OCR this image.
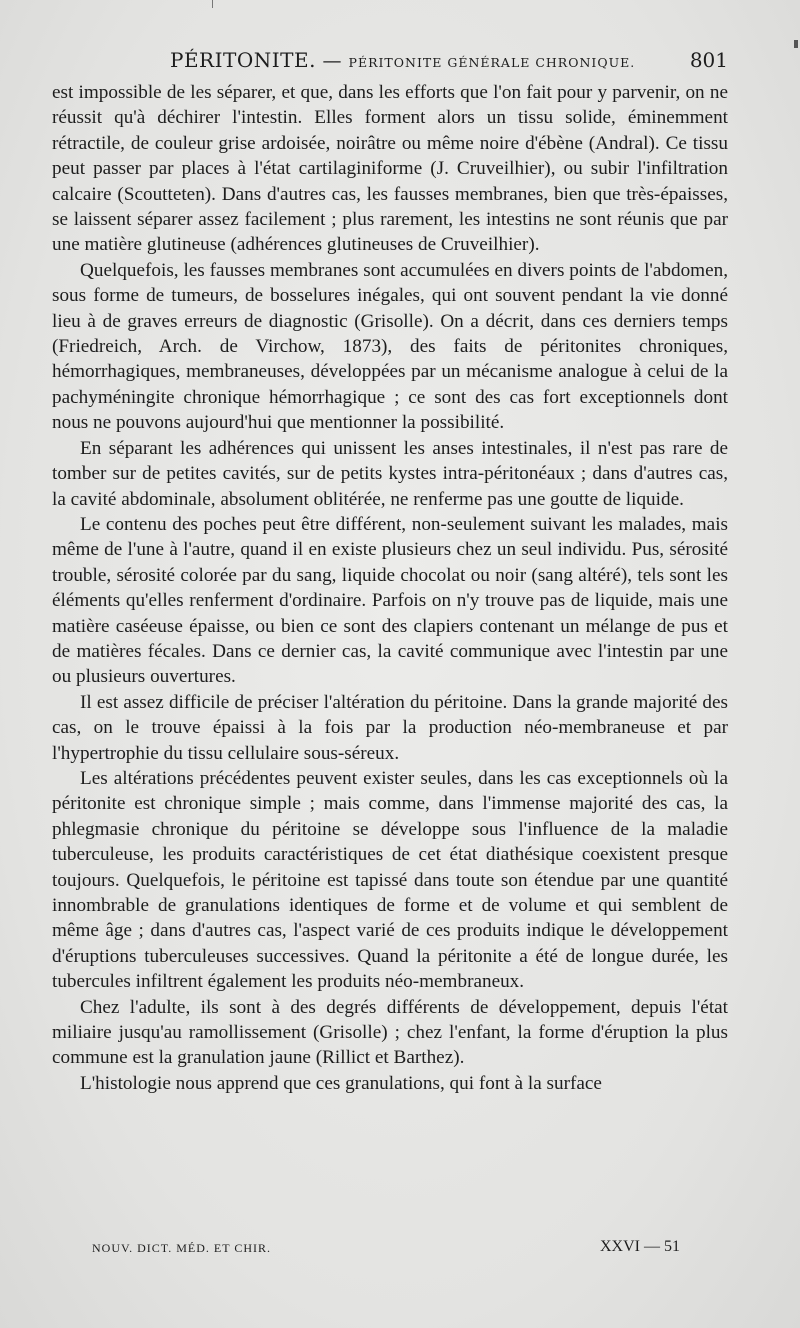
PÉRITONITE. — PÉRITONITE GÉNÉRALE CHRONIQUE.	801

est impossible de les séparer, et que, dans les efforts que l'on fait pour y parvenir, on ne réussit qu'à déchirer l'intestin. Elles forment alors un tissu solide, éminemment rétractile, de couleur grise ardoisée, noirâtre ou même noire d'ébène (Andral). Ce tissu peut passer par places à l'état cartilaginiforme (J. Cruveilhier), ou subir l'infiltration calcaire (Scoutteten). Dans d'autres cas, les fausses membranes, bien que très-épaisses, se laissent séparer assez facilement ; plus rarement, les intestins ne sont réunis que par une matière glutineuse (adhérences glutineuses de Cruveilhier).

Quelquefois, les fausses membranes sont accumulées en divers points de l'abdomen, sous forme de tumeurs, de bosselures inégales, qui ont souvent pendant la vie donné lieu à de graves erreurs de diagnostic (Grisolle). On a décrit, dans ces derniers temps (Friedreich, Arch. de Virchow, 1873), des faits de péritonites chroniques, hémorrhagiques, membraneuses, développées par un mécanisme analogue à celui de la pachyméningite chronique hémorrhagique ; ce sont des cas fort exceptionnels dont nous ne pouvons aujourd'hui que mentionner la possibilité.

En séparant les adhérences qui unissent les anses intestinales, il n'est pas rare de tomber sur de petites cavités, sur de petits kystes intra-péritonéaux ; dans d'autres cas, la cavité abdominale, absolument oblitérée, ne renferme pas une goutte de liquide.

Le contenu des poches peut être différent, non-seulement suivant les malades, mais même de l'une à l'autre, quand il en existe plusieurs chez un seul individu. Pus, sérosité trouble, sérosité colorée par du sang, liquide chocolat ou noir (sang altéré), tels sont les éléments qu'elles renferment d'ordinaire. Parfois on n'y trouve pas de liquide, mais une matière caséeuse épaisse, ou bien ce sont des clapiers contenant un mélange de pus et de matières fécales. Dans ce dernier cas, la cavité communique avec l'intestin par une ou plusieurs ouvertures.

Il est assez difficile de préciser l'altération du péritoine. Dans la grande majorité des cas, on le trouve épaissi à la fois par la production néo-membraneuse et par l'hypertrophie du tissu cellulaire sous-séreux.

Les altérations précédentes peuvent exister seules, dans les cas exceptionnels où la péritonite est chronique simple ; mais comme, dans l'immense majorité des cas, la phlegmasie chronique du péritoine se développe sous l'influence de la maladie tuberculeuse, les produits caractéristiques de cet état diathésique coexistent presque toujours. Quelquefois, le péritoine est tapissé dans toute son étendue par une quantité innombrable de granulations identiques de forme et de volume et qui semblent de même âge ; dans d'autres cas, l'aspect varié de ces produits indique le développement d'éruptions tuberculeuses successives. Quand la péritonite a été de longue durée, les tubercules infiltrent également les produits néo-membraneux.

Chez l'adulte, ils sont à des degrés différents de développement, depuis l'état miliaire jusqu'au ramollissement (Grisolle) ; chez l'enfant, la forme d'éruption la plus commune est la granulation jaune (Rillict et Barthez).

L'histologie nous apprend que ces granulations, qui font à la surface

NOUV. DICT. MÉD. ET CHIR.	XXVI — 51
